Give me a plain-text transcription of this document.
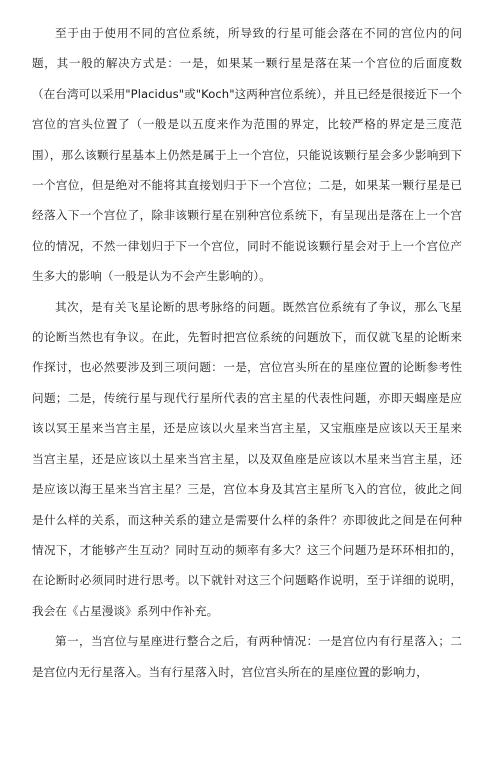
至于由于使用不同的宫位系统，所导致的行星可能会落在不同的宫位内的问题，其一般的解决方式是：一是，如果某一颗行星是落在某一个宫位的后面度数（在台湾可以采用"Placidus"或"Koch"这两种宫位系统），并且已经是很接近下一个宫位的宫头位置了（一般是以五度来作为范围的界定，比较严格的界定是三度范围），那么该颗行星基本上仍然是属于上一个宫位，只能说该颗行星会多少影响到下一个宫位，但是绝对不能将其直接划归于下一个宫位；二是，如果某一颗行星是已经落入下一个宫位了，除非该颗行星在别种宫位系统下，有呈现出是落在上一个宫位的情况，不然一律划归于下一个宫位，同时不能说该颗行星会对于上一个宫位产生多大的影响（一般是认为不会产生影响的）。

其次，是有关飞星论断的思考脉络的问题。既然宫位系统有了争议，那么飞星的论断当然也有争议。在此，先暂时把宫位系统的问题放下，而仅就飞星的论断来作探讨，也必然要涉及到三项问题：一是，宫位宫头所在的星座位置的论断参考性问题；二是，传统行星与现代行星所代表的宫主星的代表性问题，亦即天蝎座是应该以冥王星来当宫主星，还是应该以火星来当宫主星，又宝瓶座是应该以天王星来当宫主星，还是应该以土星来当宫主星，以及双鱼座是应该以木星来当宫主星，还是应该以海王星来当宫主星？三是，宫位本身及其宫主星所飞入的宫位，彼此之间是什么样的关系，而这种关系的建立是需要什么样的条件？亦即彼此之间是在何种情况下，才能够产生互动？同时互动的频率有多大？这三个问题乃是环环相扣的，在论断时必须同时进行思考。以下就针对这三个问题略作说明，至于详细的说明，我会在《占星漫谈》系列中作补充。

第一，当宫位与星座进行整合之后，有两种情况：一是宫位内有行星落入；二是宫位内无行星落入。当有行星落入时，宫位宫头所在的星座位置的影响力，
